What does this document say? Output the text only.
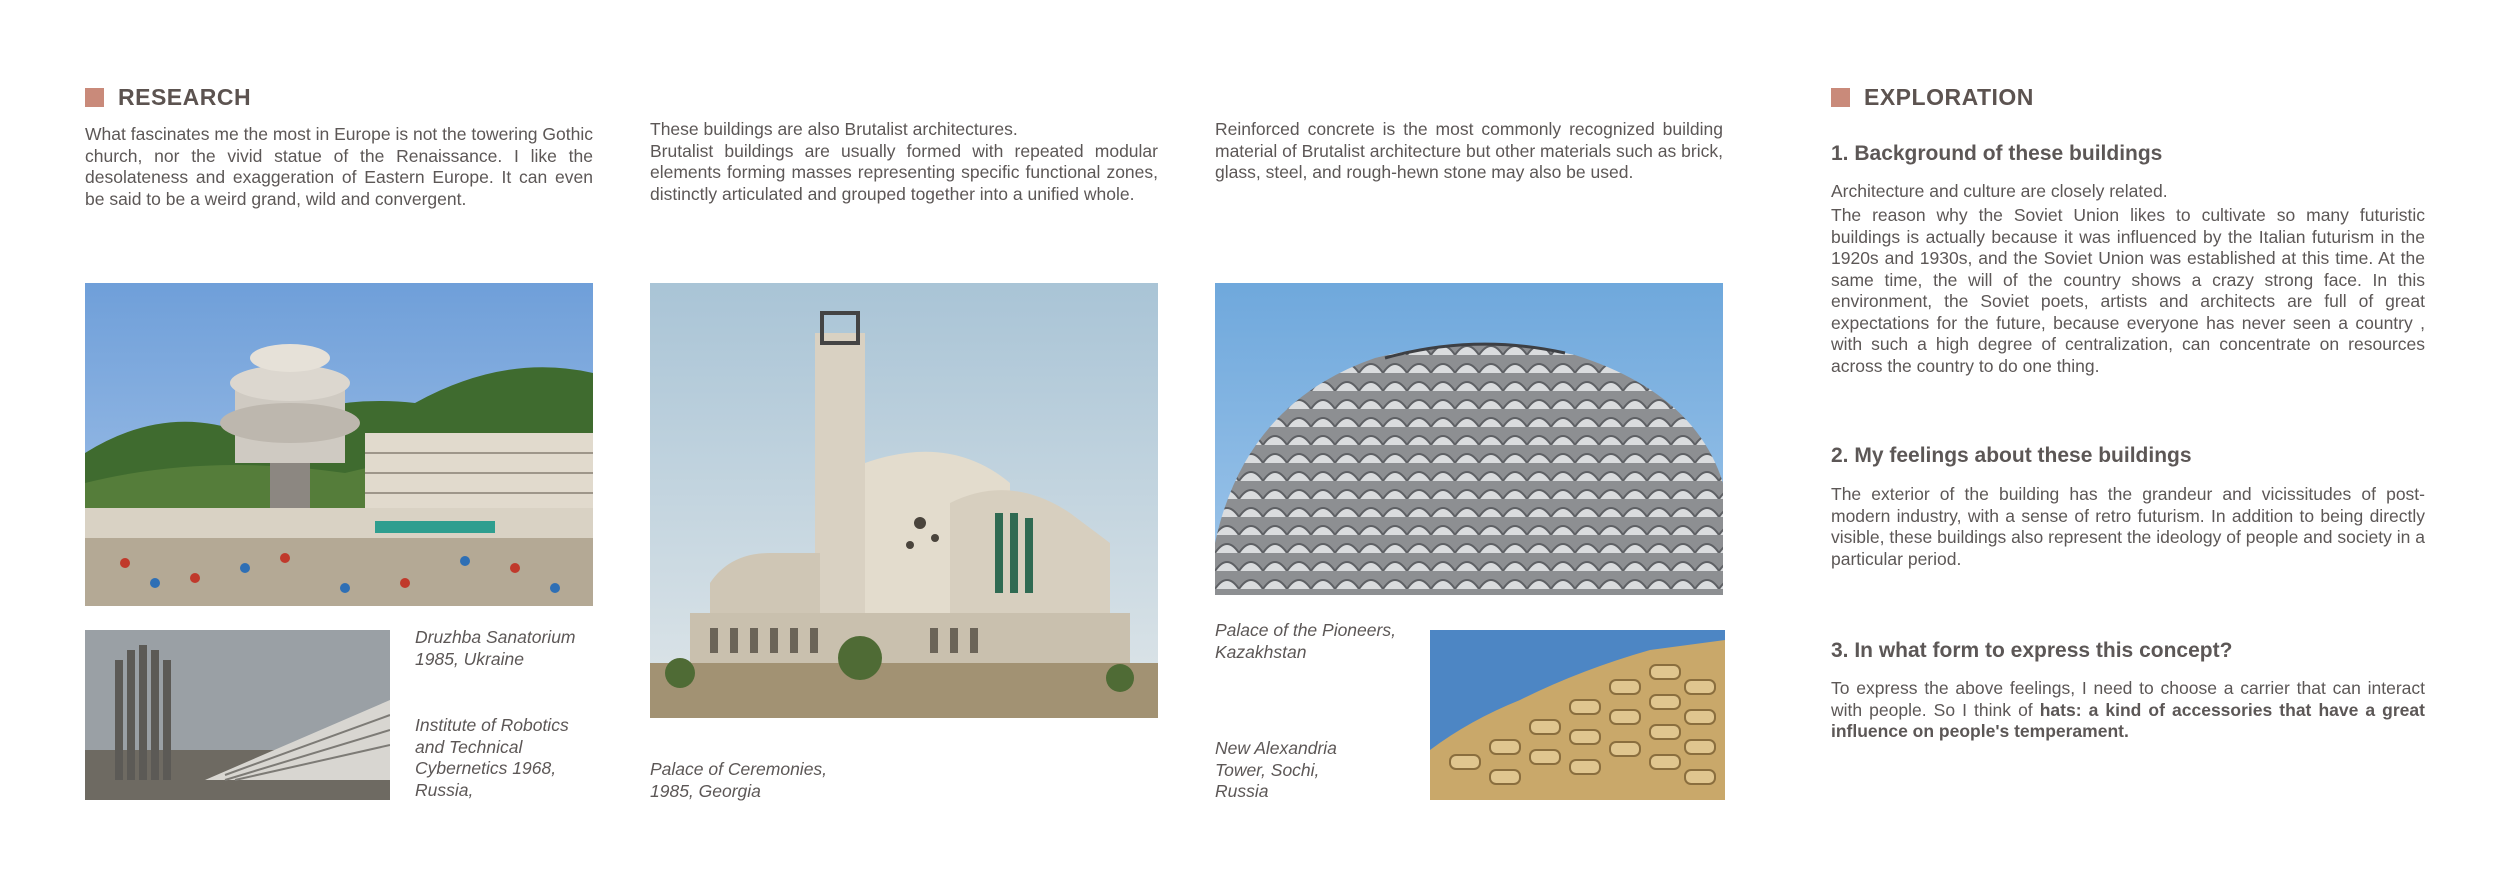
RESEARCH
What fascinates me the most in Europe is not the towering Gothic church, nor the vivid statue of the Renaissance. I like the desolateness and exaggeration of Eastern Europe. It can even be said to be a weird grand, wild and convergent.
These buildings are also Brutalist architectures.
Brutalist buildings are usually formed with repeated modular elements forming masses representing specific functional zones, distinctly articulated and grouped together into a unified whole.
Reinforced concrete is the most commonly recognized building material of Brutalist architecture but other materials such as brick, glass, steel, and rough-hewn stone may also be used.
Druzhba Sanatorium
1985, Ukraine
Institute of Robotics
and Technical
Cybernetics 1968,
Russia,
Palace of Ceremonies,
1985, Georgia
Palace of the Pioneers,
Kazakhstan
New Alexandria
Tower, Sochi,
Russia
EXPLORATION
1. Background of these buildings
Architecture and culture are closely related.
The reason why the Soviet Union likes to cultivate so many futuristic buildings is actually because it was influenced by the Italian futurism in the 1920s and 1930s, and the Soviet Union was established at this time. At the same time, the will of the country shows a crazy strong face. In this environment, the Soviet poets, artists and architects are full of great expectations for the future, because everyone has never seen a country , with such a high degree of centralization, can concentrate on resources across the country to do one thing.
2. My feelings about these buildings
The exterior of the building has the grandeur and vicissitudes of post-modern industry, with a sense of retro futurism. In addition to being directly visible, these buildings also represent the ideology of people and society in a particular period.
3. In what form to express this concept?
To express the above feelings, I need to choose a carrier that can interact with people. So I think of hats: a kind of accessories that have a great influence on people's temperament.
